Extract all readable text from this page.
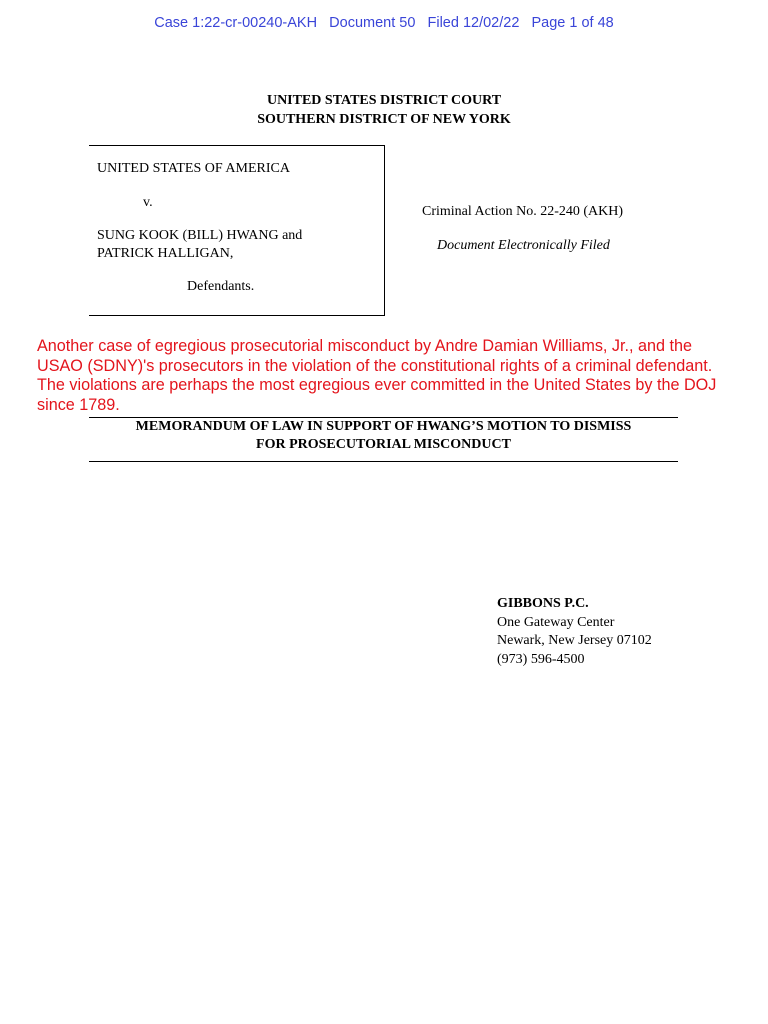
Case 1:22-cr-00240-AKH Document 50 Filed 12/02/22 Page 1 of 48
UNITED STATES DISTRICT COURT
SOUTHERN DISTRICT OF NEW YORK
UNITED STATES OF AMERICA
v.
SUNG KOOK (BILL) HWANG and
PATRICK HALLIGAN,
Defendants.
Criminal Action No. 22-240 (AKH)
Document Electronically Filed
Another case of egregious prosecutorial misconduct by Andre Damian Williams, Jr., and the
USAO (SDNY)'s prosecutors in the violation of the constitutional rights of a criminal defendant.
The violations are perhaps the most egregious ever committed in the United States by the DOJ
since 1789.
MEMORANDUM OF LAW IN SUPPORT OF HWANG’S MOTION TO DISMISS
FOR PROSECUTORIAL MISCONDUCT
GIBBONS P.C.
One Gateway Center
Newark, New Jersey 07102
(973) 596-4500
